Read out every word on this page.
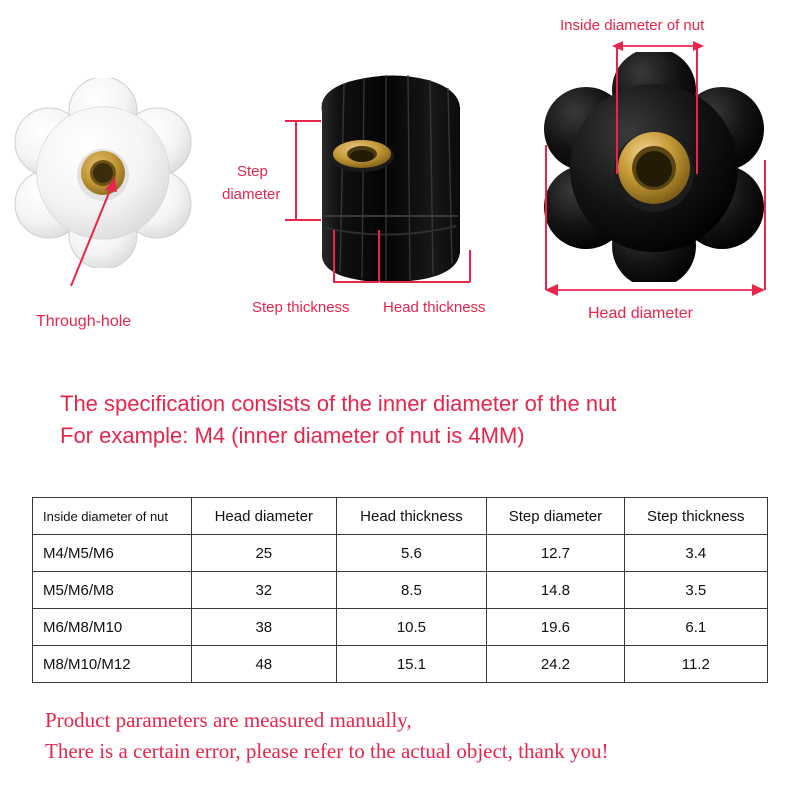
Through-hole
Step
diameter
Step thickness Head thickness
Inside diameter of nut
Head diameter
The specification consists of the inner diameter of the nut
For example: M4 (inner diameter of nut is 4MM)
Inside diameter of nut	Head diameter	Head thickness	Step diameter	Step thickness
M4/M5/M6	25	5.6	12.7	3.4
M5/M6/M8	32	8.5	14.8	3.5
M6/M8/M10	38	10.5	19.6	6.1
M8/M10/M12	48	15.1	24.2	11.2
Product parameters are measured manually,
There is a certain error, please refer to the actual object, thank you!
